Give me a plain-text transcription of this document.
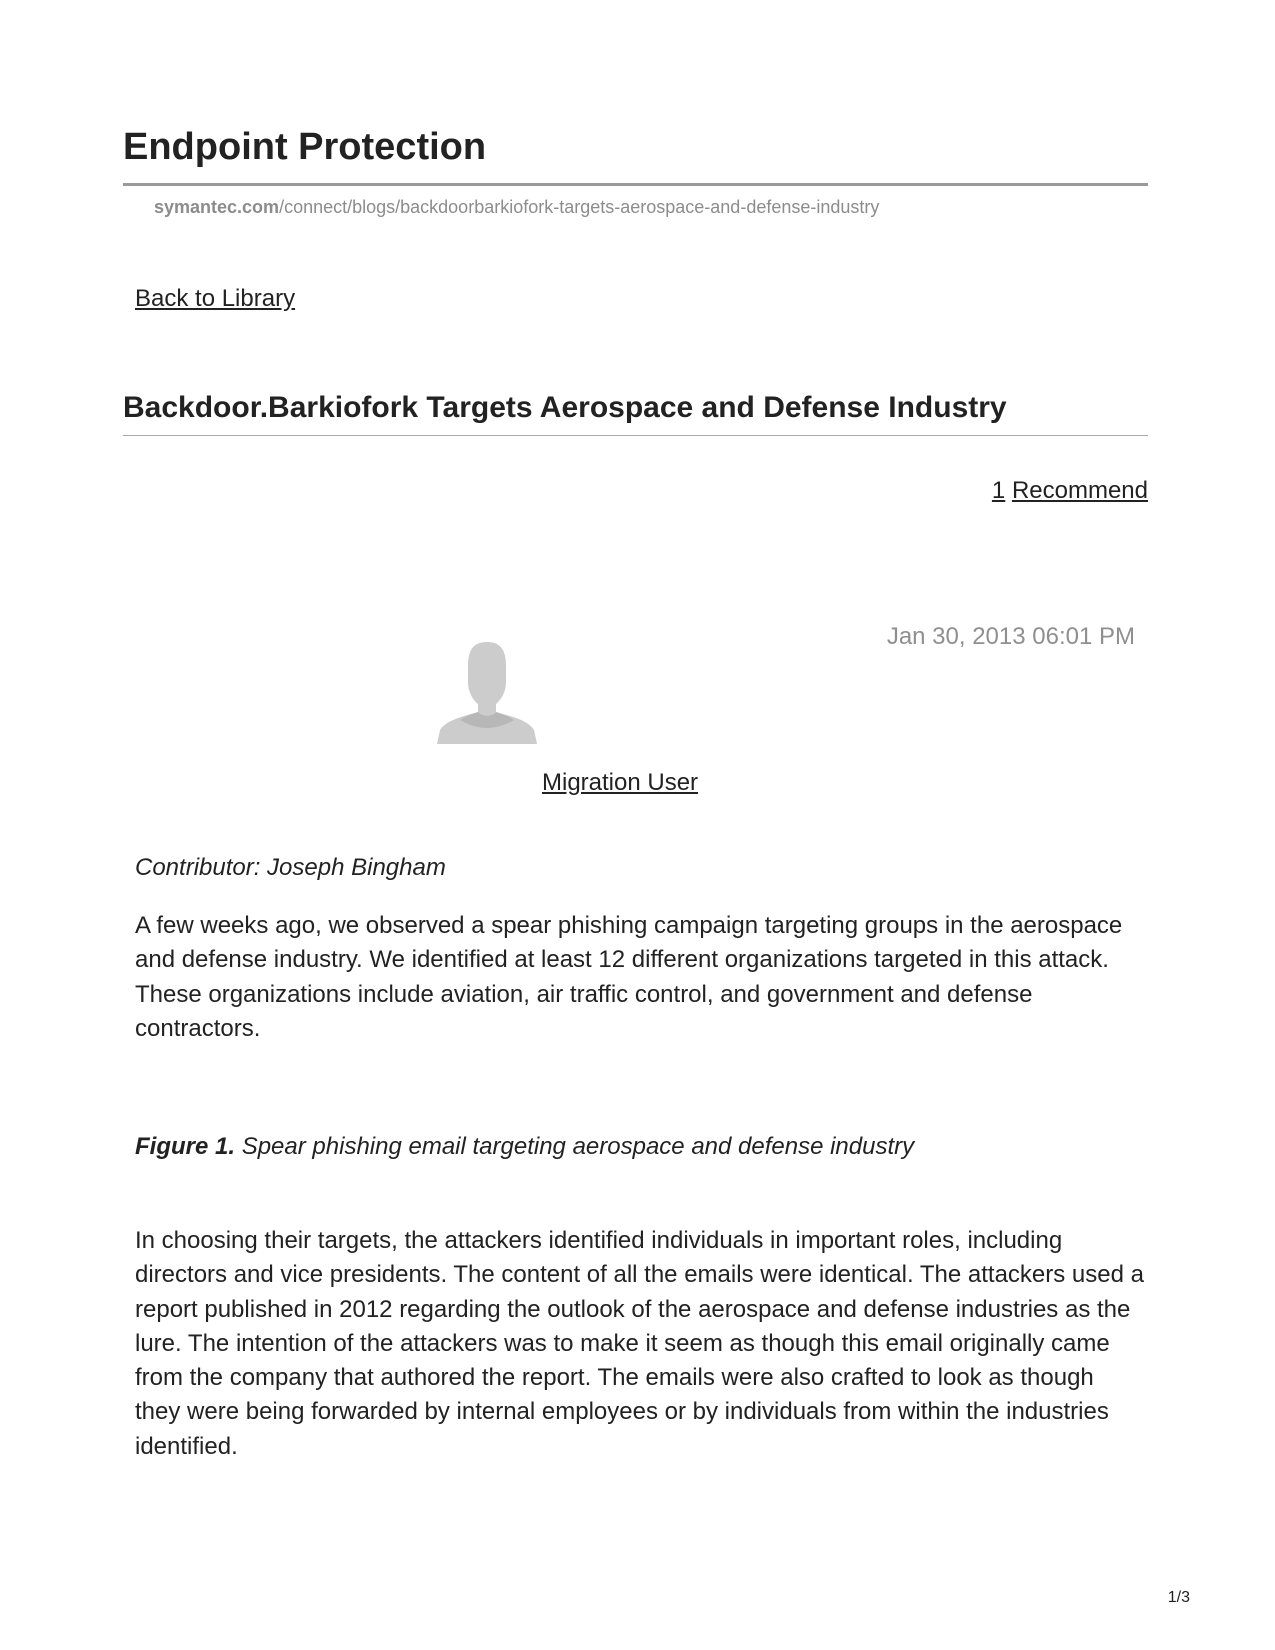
Endpoint Protection
symantec.com/connect/blogs/backdoorbarkiofork-targets-aerospace-and-defense-industry
Back to Library
Backdoor.Barkiofork Targets Aerospace and Defense Industry
1 Recommend
Jan 30, 2013 06:01 PM
Migration User
Contributor: Joseph Bingham

A few weeks ago, we observed a spear phishing campaign targeting groups in the aerospace and defense industry. We identified at least 12 different organizations targeted in this attack. These organizations include aviation, air traffic control, and government and defense contractors.

Figure 1. Spear phishing email targeting aerospace and defense industry

In choosing their targets, the attackers identified individuals in important roles, including directors and vice presidents. The content of all the emails were identical. The attackers used a report published in 2012 regarding the outlook of the aerospace and defense industries as the lure. The intention of the attackers was to make it seem as though this email originally came from the company that authored the report. The emails were also crafted to look as though they were being forwarded by internal employees or by individuals from within the industries identified.

1/3
